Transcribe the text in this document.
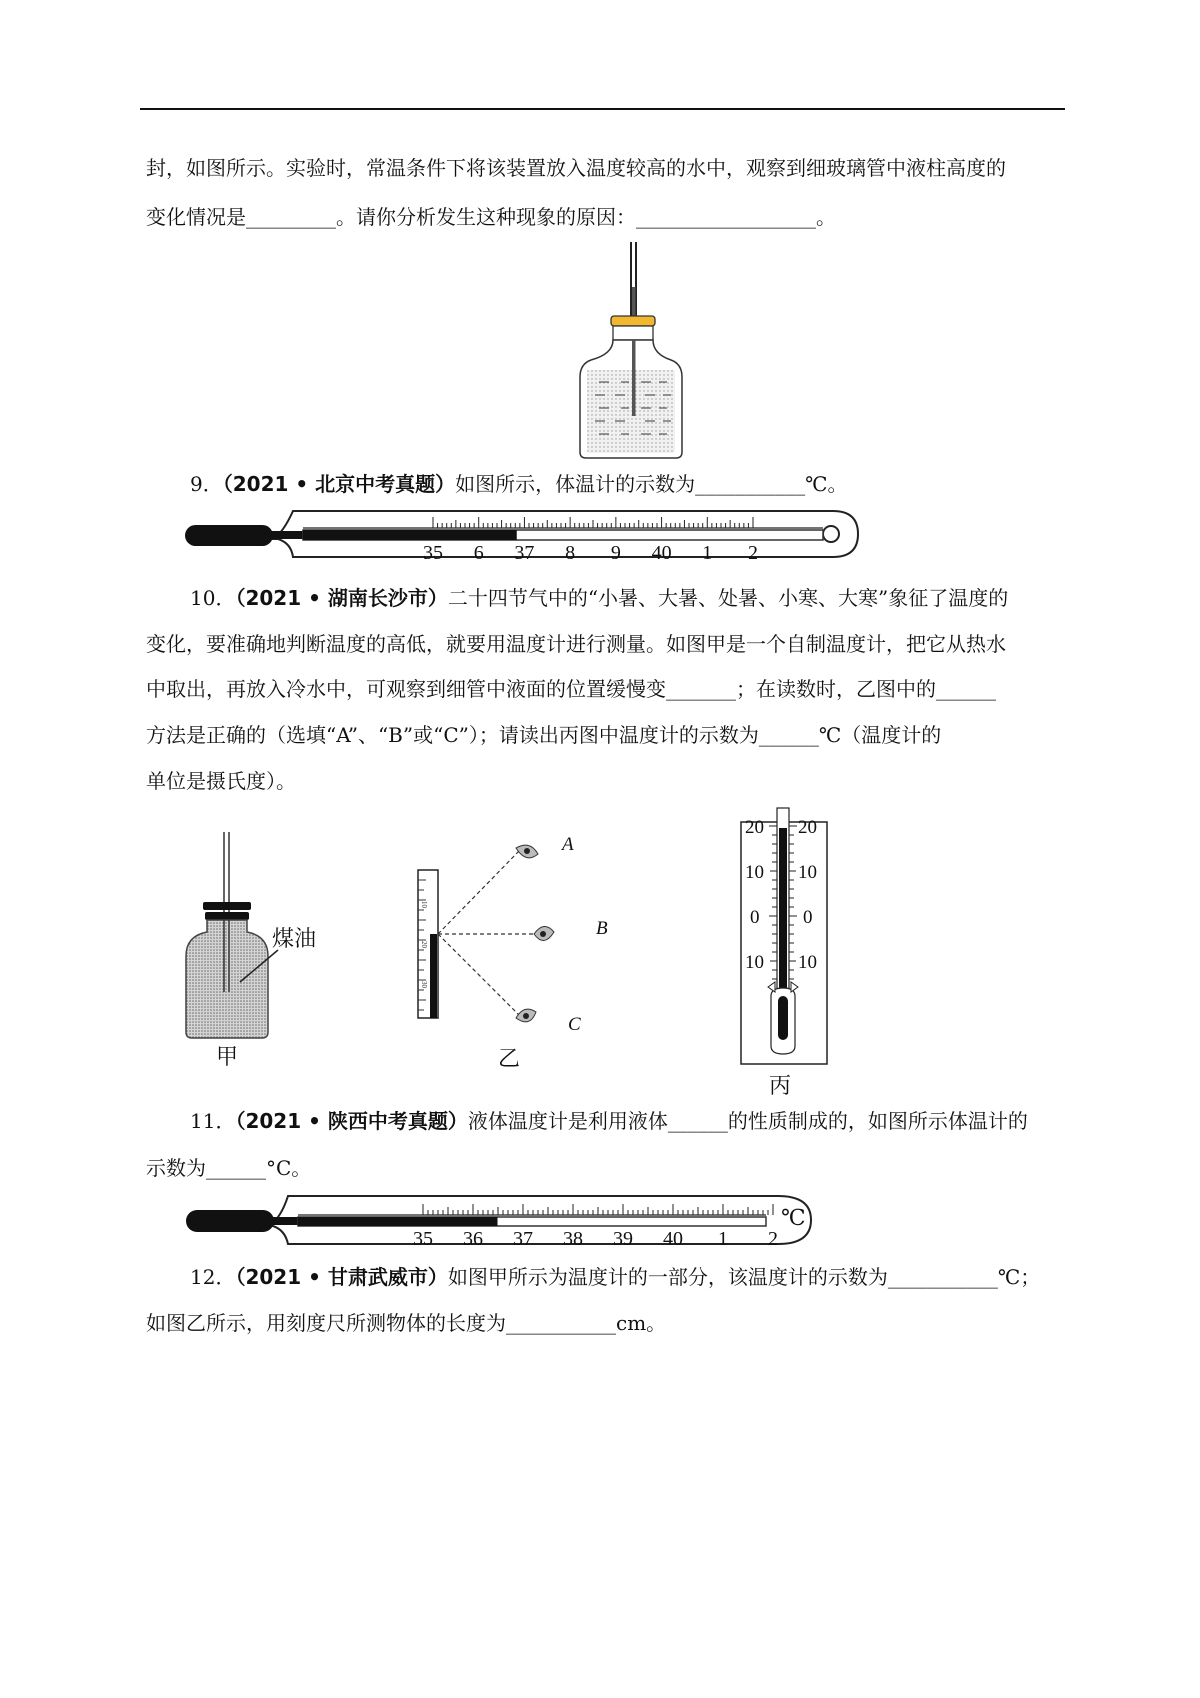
封，如图所示。实验时，常温条件下将该装置放入温度较高的水中，观察到细玻璃管中液柱高度的
变化情况是_________。请你分析发生这种现象的原因：__________________。
9．（2021 • 北京中考真题）如图所示，体温计的示数为___________℃。
35 6 37 8 9 40 1 2
10．（2021 • 湖南长沙市）二十四节气中的“小暑、大暑、处暑、小寒、大寒”象征了温度的
变化，要准确地判断温度的高低，就要用温度计进行测量。如图甲是一个自制温度计，把它从热水
中取出，再放入冷水中，可观察到细管中液面的位置缓慢变_______；在读数时，乙图中的______
方法是正确的（选填“A”、“B”或“C”）；请读出丙图中温度计的示数为______℃（温度计的
单位是摄氏度）。
煤油
甲
10
20
30
A
B
C
乙
20
10
0
10
20
10
0
10
丙
11．（2021 • 陕西中考真题）液体温度计是利用液体______的性质制成的，如图所示体温计的
示数为______°C。
35 36 37 38 39 40 1 2
℃
12．（2021 • 甘肃武威市）如图甲所示为温度计的一部分，该温度计的示数为___________℃；
如图乙所示，用刻度尺所测物体的长度为___________cm。
